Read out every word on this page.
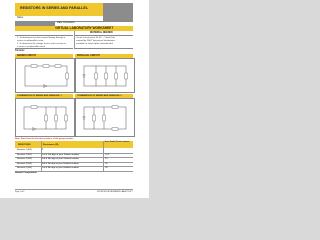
RESISTORS IN SERIES AND PARALLEL
Name
Date Completed
VIRTUAL LABORATORY WORKSHEET
MATERIAL NEEDED
1. To determine the total current flowing through a
series circuit/parallel circuit.
2. To determine the voltage across each resistor in
a series circuit/parallel circuit.
Circuit Construction Kit DC – Virtual Lab
created by PhET Interactive Simulations,
available at: https://phet.colorado.edu/
Circuits:
SERIES CIRCUIT	PARALLEL CIRCUIT
COMBINATION OF SERIES AND PARALLEL 1	COMBINATION OF SERIES AND PARALLEL 2
Note: Start from the last two numbers of the group number.
RESISTORS	Resistance (Ω)
Series-Parallel Circuit resistance
Resistor 1 (R1)	2
Resistor 2 (R2)	1st & 2nd digit of your Student number	12.5
Resistor 3 (R3)	3rd & 4th digit of your Student number	15
Resistor 4 (R4)	5th & 6th digit of your Student number	16
Resistor 5 (R5)	7th & 8th digit of your Student number	18
Sample Computation
Page 1 of 3	PHYSICS FOR ENGINEERS LAB ACTIVITY
